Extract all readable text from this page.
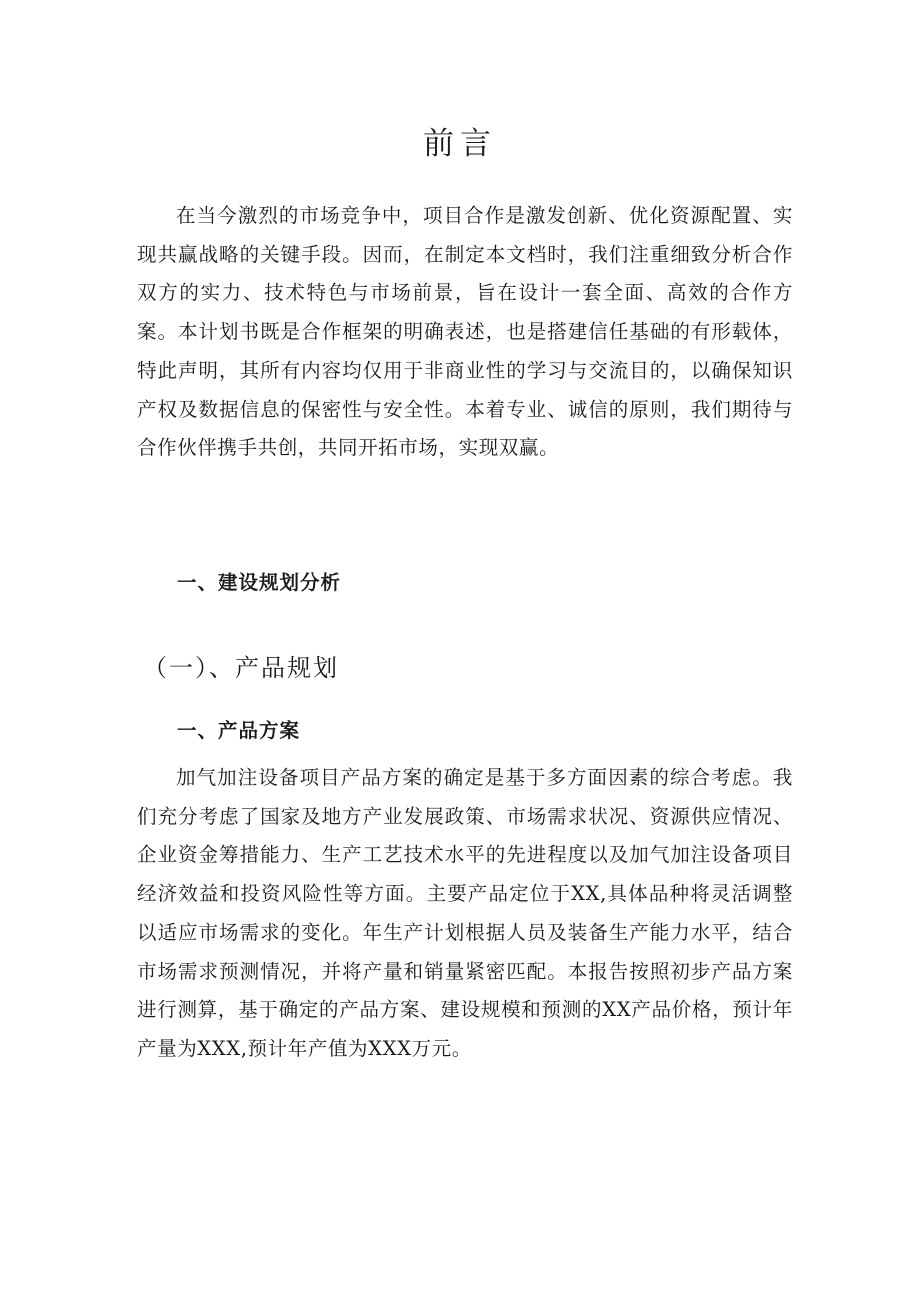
前言

在当今激烈的市场竞争中，项目合作是激发创新、优化资源配置、实现共赢战略的关键手段。因而，在制定本文档时，我们注重细致分析合作双方的实力、技术特色与市场前景，旨在设计一套全面、高效的合作方案。本计划书既是合作框架的明确表述，也是搭建信任基础的有形载体，特此声明，其所有内容均仅用于非商业性的学习与交流目的，以确保知识产权及数据信息的保密性与安全性。本着专业、诚信的原则，我们期待与合作伙伴携手共创，共同开拓市场，实现双赢。

一、建设规划分析
（一）、产品规划
一、产品方案

加气加注设备项目产品方案的确定是基于多方面因素的综合考虑。我们充分考虑了国家及地方产业发展政策、市场需求状况、资源供应情况、企业资金筹措能力、生产工艺技术水平的先进程度以及加气加注设备项目经济效益和投资风险性等方面。主要产品定位于XX,具体品种将灵活调整以适应市场需求的变化。年生产计划根据人员及装备生产能力水平，结合市场需求预测情况，并将产量和销量紧密匹配。本报告按照初步产品方案进行测算，基于确定的产品方案、建设规模和预测的XX产品价格，预计年产量为XXX,预计年产值为XXX万元。
